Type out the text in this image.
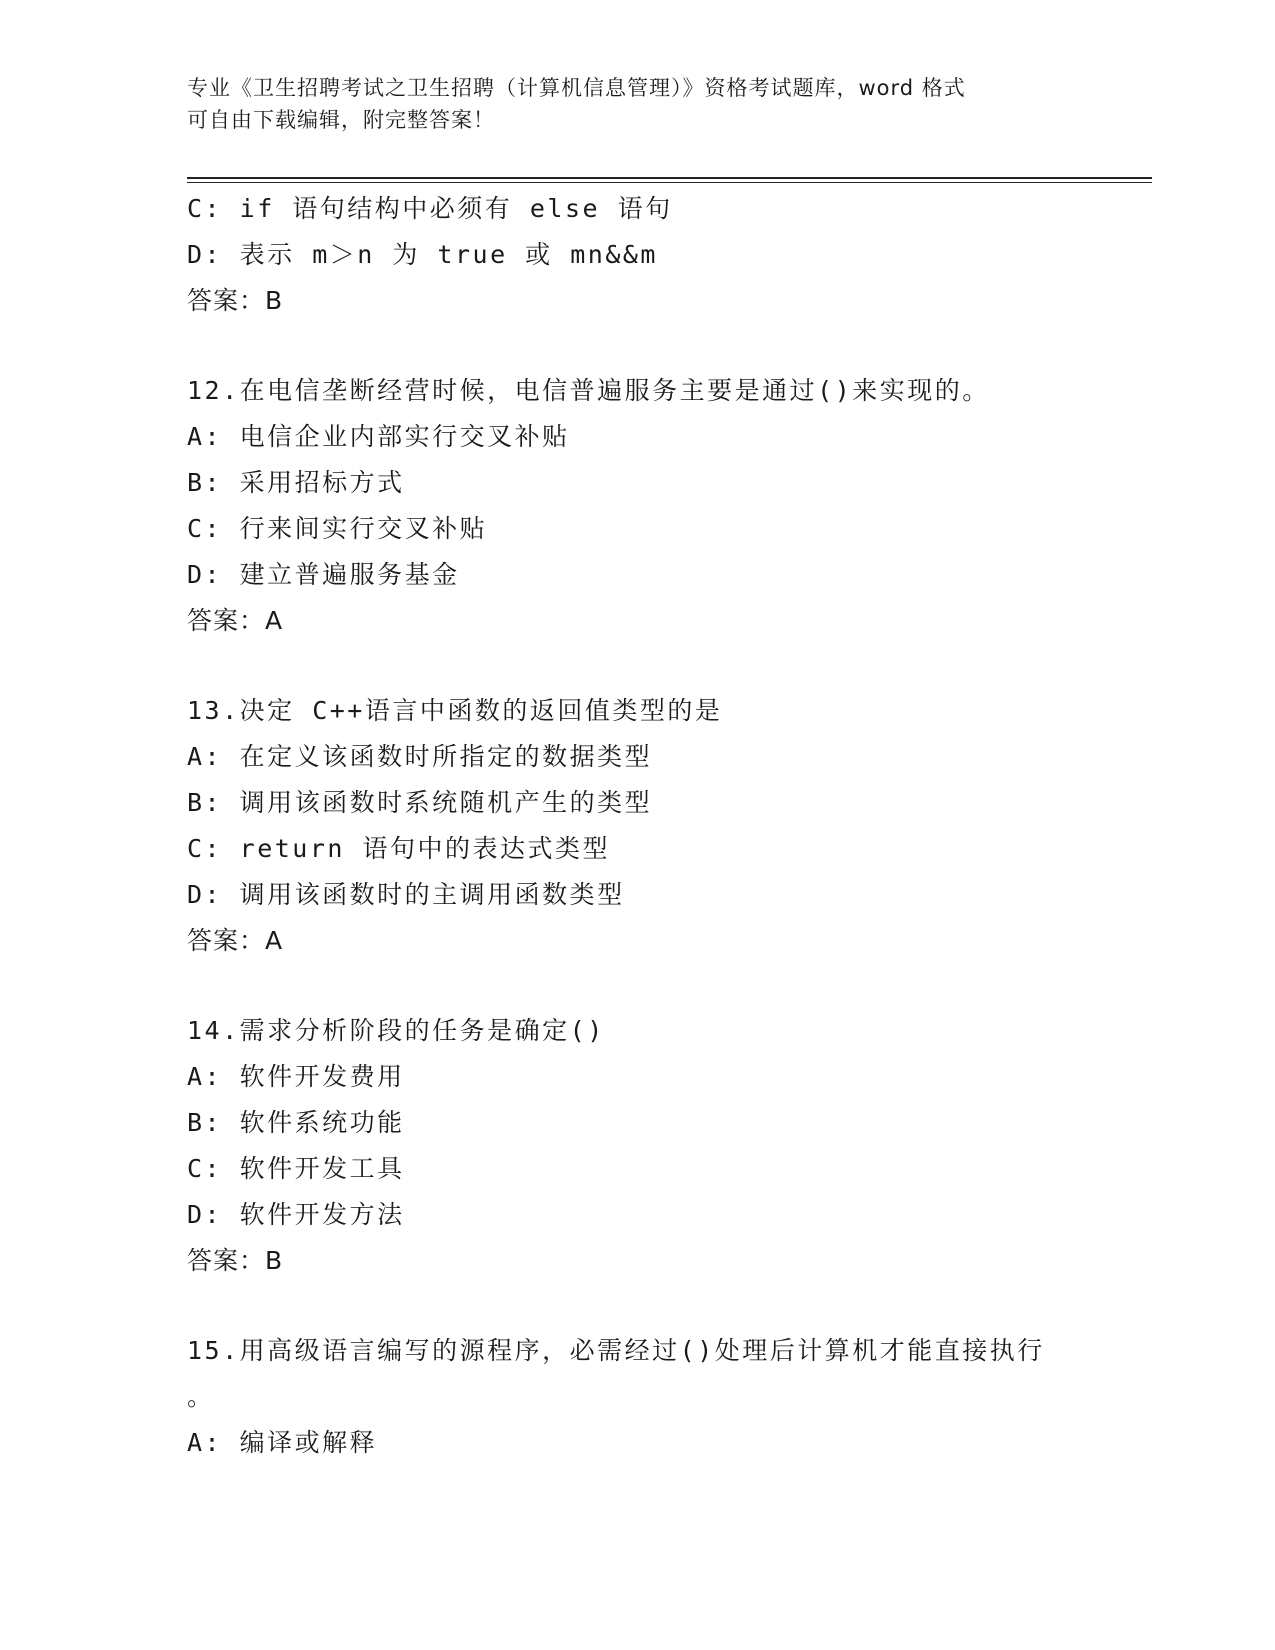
专业《卫生招聘考试之卫生招聘（计算机信息管理）》资格考试题库，word 格式
可自由下载编辑，附完整答案！
C: if 语句结构中必须有 else 语句
D: 表示 m＞n 为 true 或 mn&&m
答案：B
12.在电信垄断经营时候，电信普遍服务主要是通过()来实现的。
A: 电信企业内部实行交叉补贴
B: 采用招标方式
C: 行来间实行交叉补贴
D: 建立普遍服务基金
答案：A
13.决定 C++语言中函数的返回值类型的是
A: 在定义该函数时所指定的数据类型
B: 调用该函数时系统随机产生的类型
C: return 语句中的表达式类型
D: 调用该函数时的主调用函数类型
答案：A
14.需求分析阶段的任务是确定()
A: 软件开发费用
B: 软件系统功能
C: 软件开发工具
D: 软件开发方法
答案：B
15.用高级语言编写的源程序，必需经过()处理后计算机才能直接执行
。
A: 编译或解释
